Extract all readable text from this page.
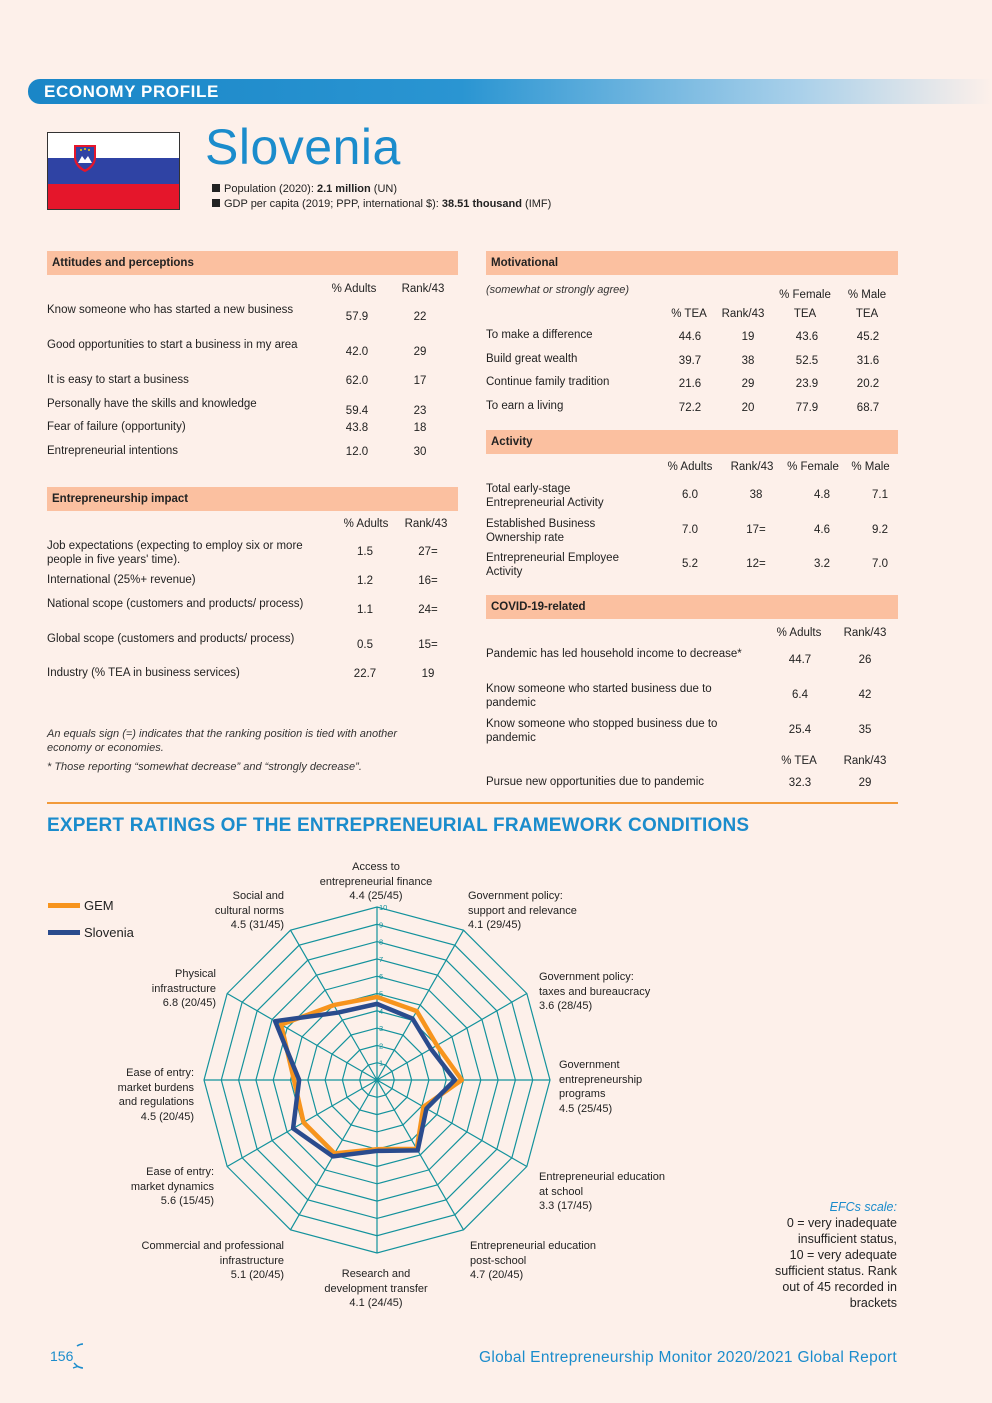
ECONOMY PROFILE
Slovenia
Population (2020): 2.1 million (UN)
GDP per capita (2019; PPP, international $): 38.51 thousand (IMF)
Attitudes and perceptions
% Adults	Rank/43
Know someone who has started a new business
57.9	22
Good opportunities to start a business in my area
42.0	29
It is easy to start a business	62.0	17
Personally have the skills and knowledge
59.4	23
Fear of failure (opportunity)	43.8	18
Entrepreneurial intentions	12.0	30
Entrepreneurship impact
% Adults	Rank/43
Job expectations (expecting to employ six or more people in five years' time).
1.5	27=
International (25%+ revenue)	1.2	16=
National scope (customers and products/ process)	1.1	24=
Global scope (customers and products/ process)	0.5	15=
Industry (% TEA in business services)	22.7	19
An equals sign (=) indicates that the ranking position is tied with another economy or economies.
* Those reporting “somewhat decrease” and “strongly decrease”.
Motivational
(somewhat or strongly agree)
% TEA	Rank/43
% Female
TEA
% Male
TEA
To make a difference	44.6	19	43.6	45.2
Build great wealth	39.7	38	52.5	31.6
Continue family tradition	21.6	29	23.9	20.2
To earn a living	72.2	20	77.9	68.7
Activity
% Adults	Rank/43	% Female	% Male
Total early-stage Entrepreneurial Activity
6.0	38	4.8	7.1
Established Business Ownership rate
7.0	17=	4.6	9.2
Entrepreneurial Employee Activity
5.2	12=	3.2	7.0
COVID-19-related
% Adults	Rank/43
Pandemic has led household income to decrease*	44.7	26
Know someone who started business due to pandemic
6.4	42
Know someone who stopped business due to pandemic
25.4	35
% TEA	Rank/43
Pursue new opportunities due to pandemic	32.3	29
EXPERT RATINGS OF THE ENTREPRENEURIAL FRAMEWORK CONDITIONS
GEM
Slovenia
1
2
3
4
5
6
7
8
9
10
Access to
entrepreneurial finance
4.4 (25/45)	Government policy:
support and relevance
4.1 (29/45)
Government policy:
taxes and bureaucracy
3.6 (28/45)
Government
entrepreneurship
programs
4.5 (25/45)
Entrepreneurial education
at school
3.3 (17/45)
Entrepreneurial education
post-school
4.7 (20/45)
Research and
development transfer
4.1 (24/45)
Commercial and professional
infrastructure
5.1 (20/45)
Ease of entry:
market dynamics
5.6 (15/45)
Ease of entry:
market burdens
and regulations
4.5 (20/45)
Physical
infrastructure
6.8 (20/45)
Social and
cultural norms
4.5 (31/45)
EFCs scale:
0 = very inadequate
insufficient status,
10 = very adequate
sufficient status. Rank
out of 45 recorded in
brackets
156	Global Entrepreneurship Monitor 2020/2021 Global Report
